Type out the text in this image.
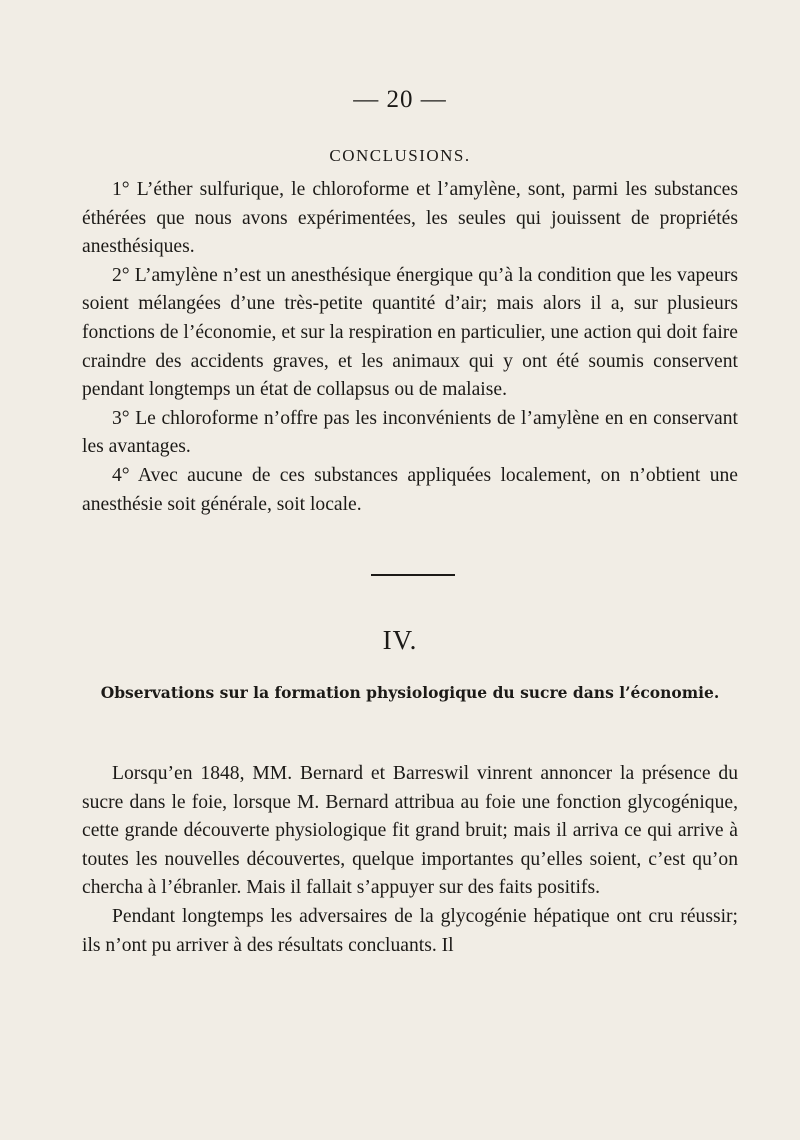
— 20 —
CONCLUSIONS.

1° L’éther sulfurique, le chloroforme et l’amylène, sont, parmi les substances éthérées que nous avons expérimentées, les seules qui jouissent de propriétés anesthésiques.

2° L’amylène n’est un anesthésique énergique qu’à la condition que les vapeurs soient mélangées d’une très-petite quantité d’air; mais alors il a, sur plusieurs fonctions de l’économie, et sur la respiration en particulier, une action qui doit faire craindre des accidents graves, et les animaux qui y ont été soumis conservent pendant longtemps un état de collapsus ou de malaise.

3° Le chloroforme n’offre pas les inconvénients de l’amylène en en conservant les avantages.

4° Avec aucune de ces substances appliquées localement, on n’obtient une anesthésie soit générale, soit locale.

IV.
Observations sur la formation physiologique du sucre dans l’économie.

Lorsqu’en 1848, MM. Bernard et Barreswil vinrent annoncer la présence du sucre dans le foie, lorsque M. Bernard attribua au foie une fonction glycogénique, cette grande découverte physiologique fit grand bruit; mais il arriva ce qui arrive à toutes les nouvelles découvertes, quelque importantes qu’elles soient, c’est qu’on chercha à l’ébranler. Mais il fallait s’appuyer sur des faits positifs.

Pendant longtemps les adversaires de la glycogénie hépatique ont cru réussir; ils n’ont pu arriver à des résultats concluants. Il
